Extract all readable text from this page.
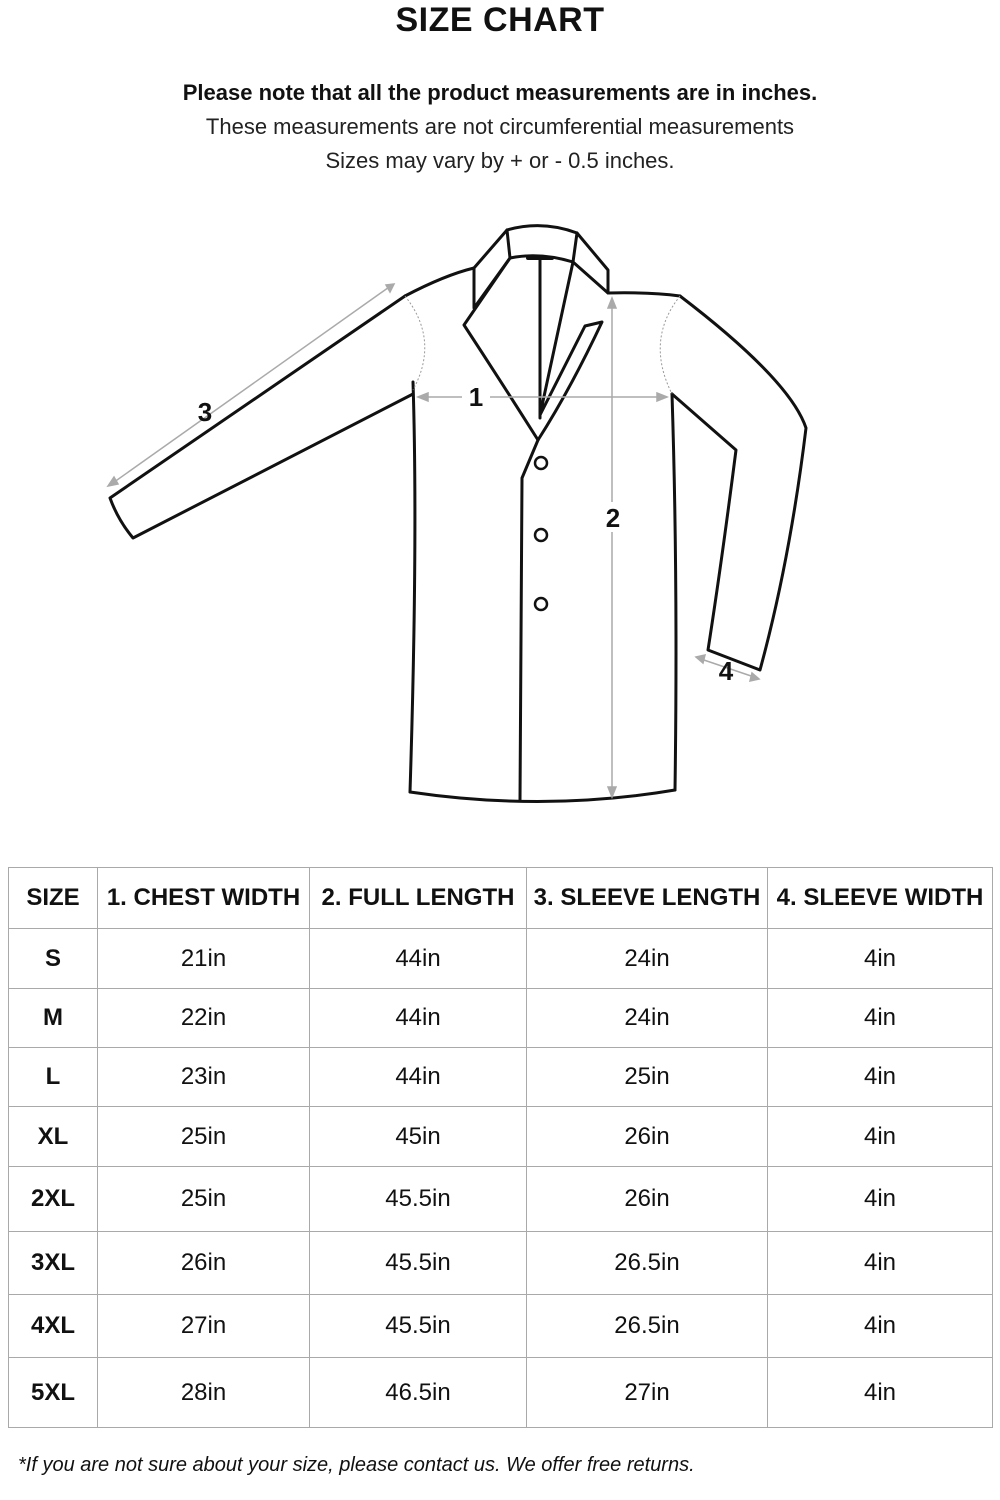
SIZE CHART
Please note that all the product measurements are in inches.
These measurements are not circumferential measurements
Sizes may vary by + or - 0.5 inches.
1
2
3
4
SIZE	1. CHEST WIDTH	2. FULL LENGTH	3. SLEEVE LENGTH	4. SLEEVE WIDTH
S	21in	44in	24in	4in
M	22in	44in	24in	4in
L	23in	44in	25in	4in
XL	25in	45in	26in	4in
2XL	25in	45.5in	26in	4in
3XL	26in	45.5in	26.5in	4in
4XL	27in	45.5in	26.5in	4in
5XL	28in	46.5in	27in	4in
*If you are not sure about your size, please contact us. We offer free returns.
